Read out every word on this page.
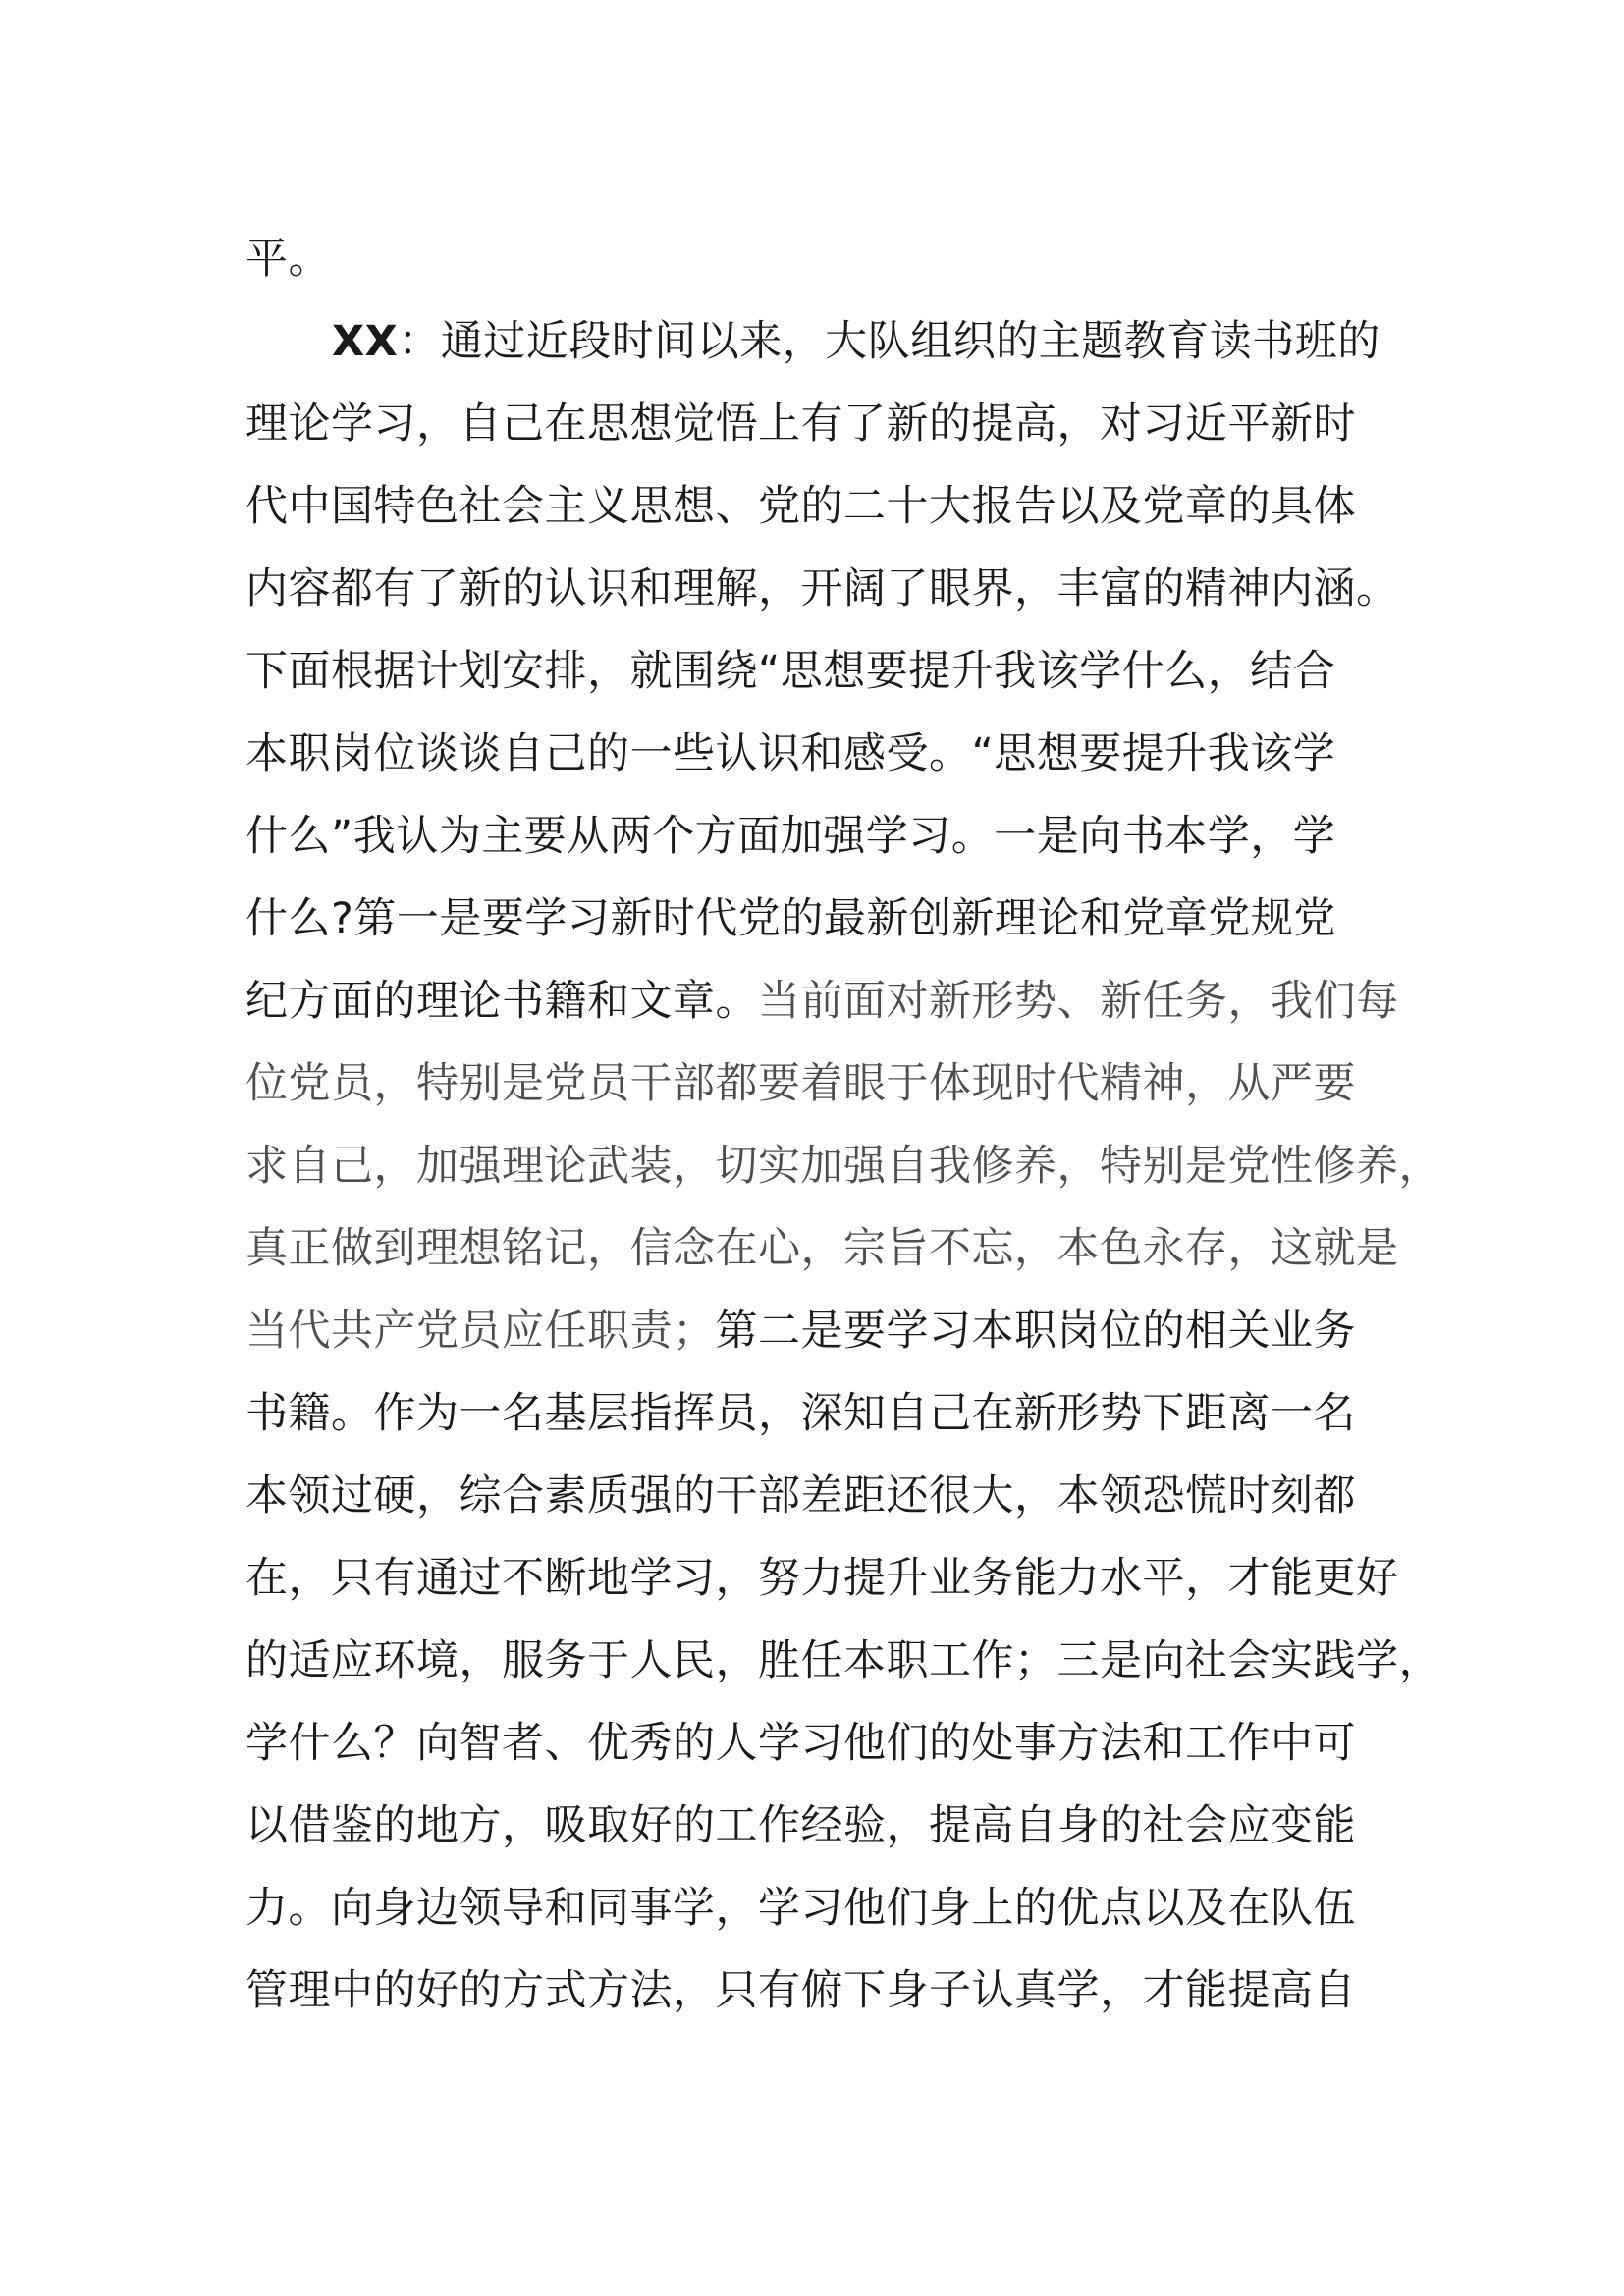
平。
XX：通过近段时间以来，大队组织的主题教育读书班的
理论学习，自己在思想觉悟上有了新的提高，对习近平新时
代中国特色社会主义思想、党的二十大报告以及党章的具体
内容都有了新的认识和理解，开阔了眼界，丰富的精神内涵。
下面根据计划安排，就围绕“思想要提升我该学什么，结合
本职岗位谈谈自己的一些认识和感受。“思想要提升我该学
什么”我认为主要从两个方面加强学习。一是向书本学，学
什么?第一是要学习新时代党的最新创新理论和党章党规党
纪方面的理论书籍和文章。当前面对新形势、新任务，我们每
位党员，特别是党员干部都要着眼于体现时代精神，从严要
求自己，加强理论武装，切实加强自我修养，特别是党性修养，
真正做到理想铭记，信念在心，宗旨不忘，本色永存，这就是
当代共产党员应任职责；第二是要学习本职岗位的相关业务
书籍。作为一名基层指挥员，深知自己在新形势下距离一名
本领过硬，综合素质强的干部差距还很大，本领恐慌时刻都
在，只有通过不断地学习，努力提升业务能力水平，才能更好
的适应环境，服务于人民，胜任本职工作；三是向社会实践学，
学什么？向智者、优秀的人学习他们的处事方法和工作中可
以借鉴的地方，吸取好的工作经验，提高自身的社会应变能
力。向身边领导和同事学，学习他们身上的优点以及在队伍
管理中的好的方式方法，只有俯下身子认真学，才能提高自
